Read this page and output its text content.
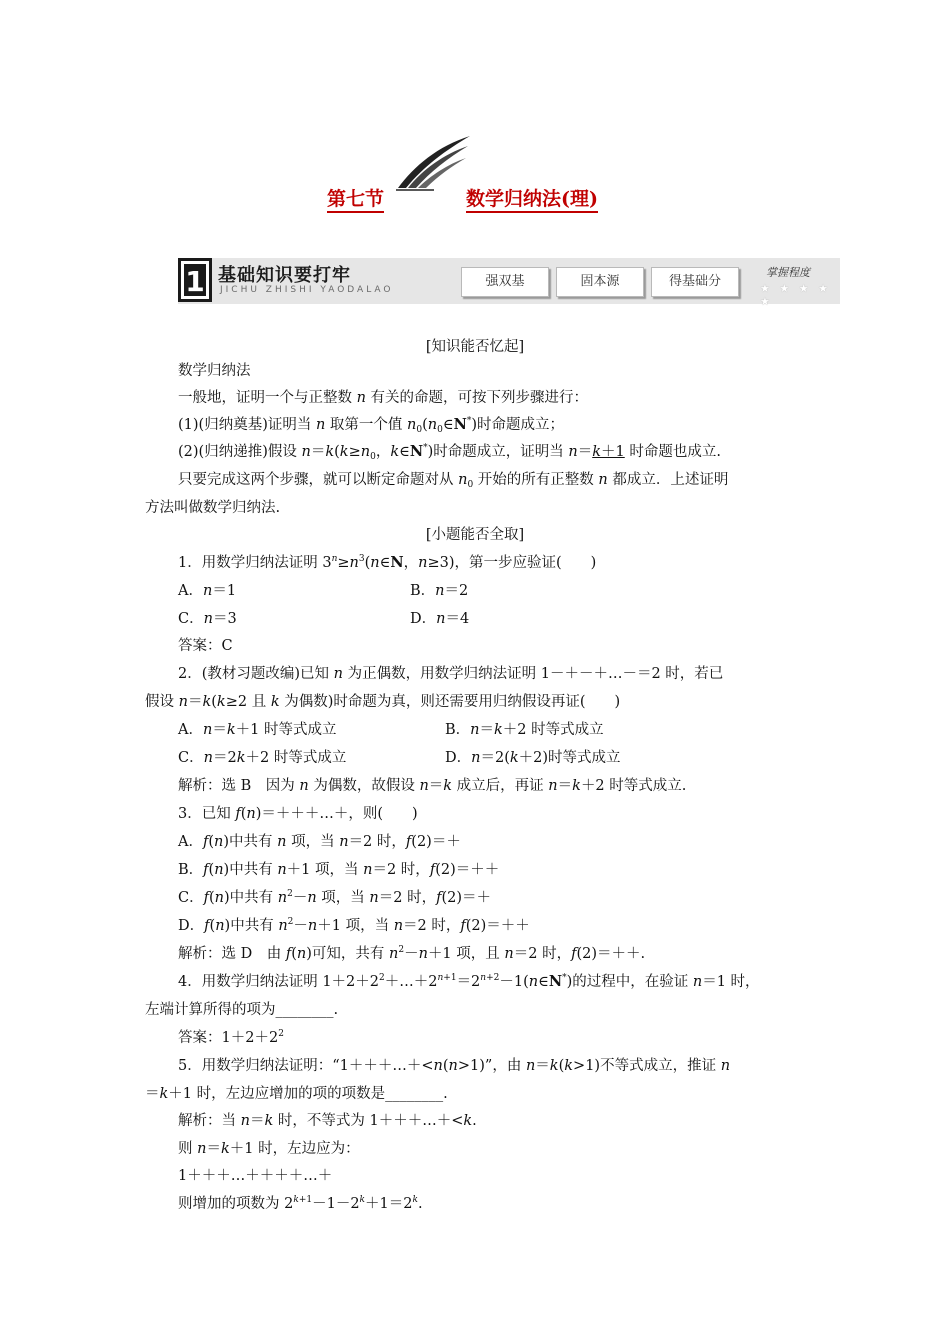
第七节	数学归纳法(理)
1 基础知识要打牢
JICHU ZHISHI YAODALAO
强双基	固本源	得基础分
掌握程度
★ ★ ★ ★ ★
[知识能否忆起]
数学归纳法
一般地，证明一个与正整数 n 有关的命题，可按下列步骤进行：
(1)(归纳奠基)证明当 n 取第一个值 $n_0(n_0\in N^*)$时命题成立；
(2)(归纳递推)假设 $n=k(k\ge n_0$，k∈N*)时命题成立，证明当 n＝k＋1 时命题也成立.
只要完成这两个步骤，就可以断定命题对从 $n_0$ 开始的所有正整数 n 都成立．上述证明
方法叫做数学归纳法.
[小题能否全取]
1．用数学归纳法证明 $3^n\ge n^3(n\in N$，n≥3)，第一步应验证(　　)
A．n＝1	B．n＝2
C．n＝3	D．n＝4
答案：C
2．(教材习题改编)已知 n 为正偶数，用数学归纳法证明 1－＋－＋…－＝2 时，若已
假设 n＝k(k≥2 且 k 为偶数)时命题为真，则还需要用归纳假设再证(　　)
A．n＝k＋1 时等式成立	B．n＝k＋2 时等式成立
C．n＝2k＋2 时等式成立	D．n＝2(k＋2)时等式成立
解析：选 B　因为 n 为偶数，故假设 n＝k 成立后，再证 n＝k＋2 时等式成立.
3．已知 f(n)＝＋＋＋…＋，则(　　)
A．f(n)中共有 n 项，当 n＝2 时，f(2)＝＋
B．f(n)中共有 n＋1 项，当 n＝2 时，f(2)＝＋＋
C．f(n)中共有 $n^2-n$ 项，当 n＝2 时，f(2)＝＋
D．f(n)中共有 $n^2-n+1$ 项，当 n＝2 时，f(2)＝＋＋
解析：选 D　由 f(n)可知，共有 $n^2-n+1$ 项，且 n＝2 时，f(2)＝＋＋.
4．用数学归纳法证明 $1+2+2^2+\dots+2^{n+1}=2^{n+2}-1(n\in N^*)$的过程中，在验证 n＝1 时，
左端计算所得的项为________.
答案：$1+2+2^2$
5．用数学归纳法证明：“1＋＋＋…＋<n(n>1)”，由 n＝k(k>1)不等式成立，推证 n
＝k＋1 时，左边应增加的项的项数是________.
解析：当 n＝k 时，不等式为 1＋＋＋…＋<k.
则 n＝k＋1 时，左边应为：
1＋＋＋…＋＋＋＋…＋
则增加的项数为 $2^{k+1}-1-2^k+1=2^k$.
